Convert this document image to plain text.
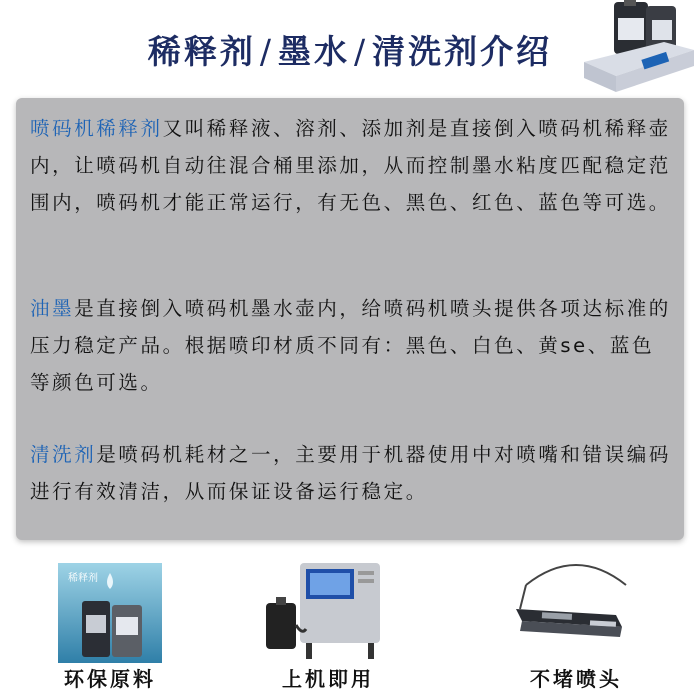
稀释剂 / 墨水 / 清洗剂介绍
喷码机稀释剂又叫稀释液、溶剂、添加剂是直接倒入喷码机稀释壶内，让喷码机自动往混合桶里添加，从而控制墨水粘度匹配稳定范围内，喷码机才能正常运行，有无色、黑色、红色、蓝色等可选。
油墨是直接倒入喷码机墨水壶内，给喷码机喷头提供各项达标准的压力稳定产品。根据喷印材质不同有：黑色、白色、黄se、蓝色等颜色可选。
清洗剂是喷码机耗材之一，主要用于机器使用中对喷嘴和错误编码进行有效清洁，从而保证设备运行稳定。
稀释剂
环保原料	上机即用	不堵喷头
